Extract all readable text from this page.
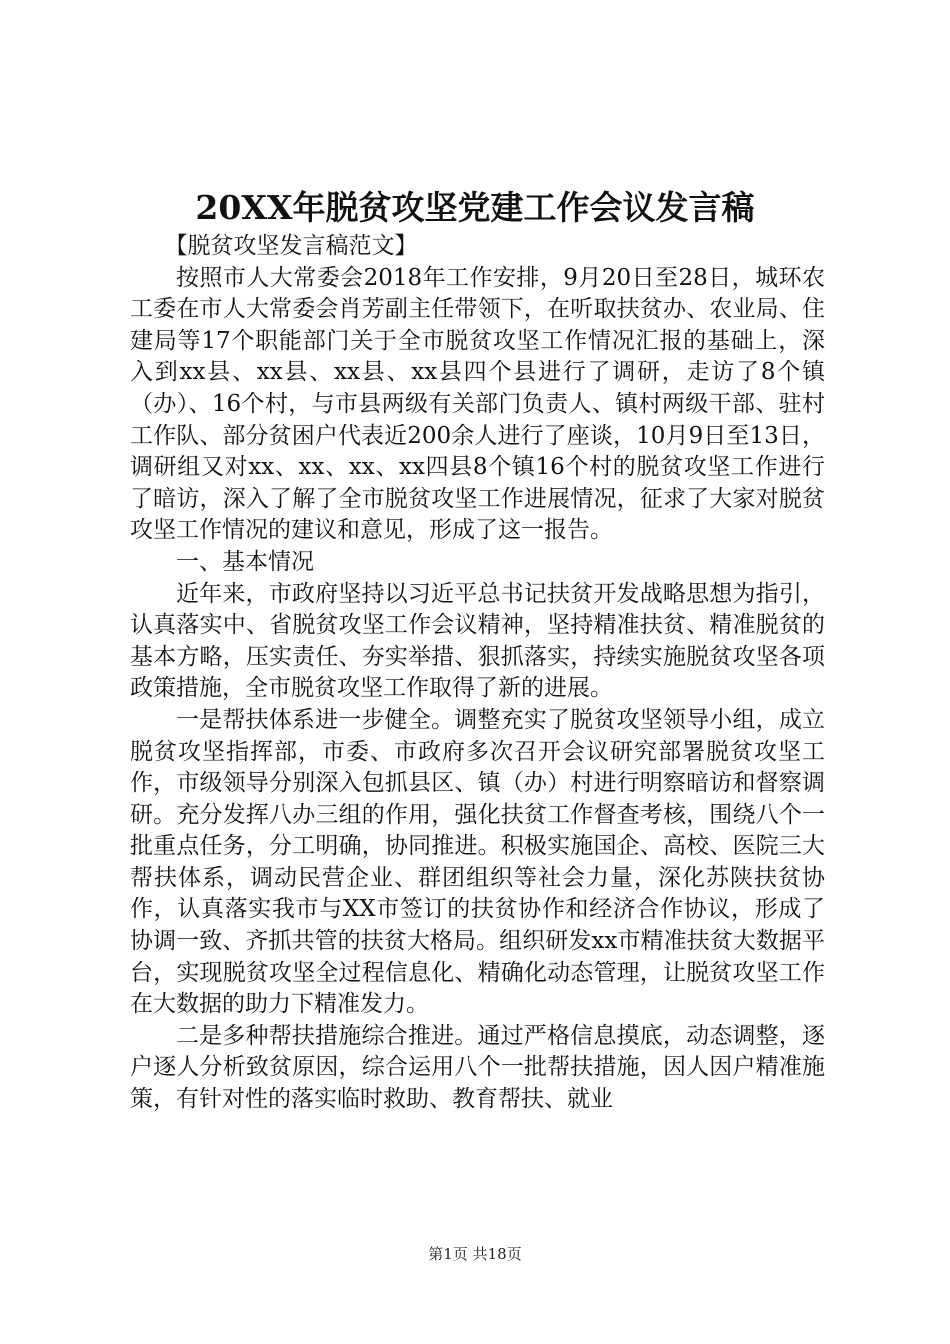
20XX年脱贫攻坚党建工作会议发言稿

【脱贫攻坚发言稿范文】

按照市人大常委会2018年工作安排，9月20日至28日，城环农工委在市人大常委会肖芳副主任带领下，在听取扶贫办、农业局、住建局等17个职能部门关于全市脱贫攻坚工作情况汇报的基础上，深入到xx县、xx县、xx县、xx县四个县进行了调研，走访了8个镇（办）、16个村，与市县两级有关部门负责人、镇村两级干部、驻村工作队、部分贫困户代表近200余人进行了座谈，10月9日至13日，调研组又对xx、xx、xx、xx四县8个镇16个村的脱贫攻坚工作进行了暗访，深入了解了全市脱贫攻坚工作进展情况，征求了大家对脱贫攻坚工作情况的建议和意见，形成了这一报告。

一、基本情况

近年来，市政府坚持以习近平总书记扶贫开发战略思想为指引，认真落实中、省脱贫攻坚工作会议精神，坚持精准扶贫、精准脱贫的基本方略，压实责任、夯实举措、狠抓落实，持续实施脱贫攻坚各项政策措施，全市脱贫攻坚工作取得了新的进展。

一是帮扶体系进一步健全。调整充实了脱贫攻坚领导小组，成立脱贫攻坚指挥部，市委、市政府多次召开会议研究部署脱贫攻坚工作，市级领导分别深入包抓县区、镇（办）村进行明察暗访和督察调研。充分发挥八办三组的作用，强化扶贫工作督查考核，围绕八个一批重点任务，分工明确，协同推进。积极实施国企、高校、医院三大帮扶体系，调动民营企业、群团组织等社会力量，深化苏陕扶贫协作，认真落实我市与XX市签订的扶贫协作和经济合作协议，形成了协调一致、齐抓共管的扶贫大格局。组织研发xx市精准扶贫大数据平台，实现脱贫攻坚全过程信息化、精确化动态管理，让脱贫攻坚工作在大数据的助力下精准发力。

二是多种帮扶措施综合推进。通过严格信息摸底，动态调整，逐户逐人分析致贫原因，综合运用八个一批帮扶措施，因人因户精准施策，有针对性的落实临时救助、教育帮扶、就业

第1页 共18页
